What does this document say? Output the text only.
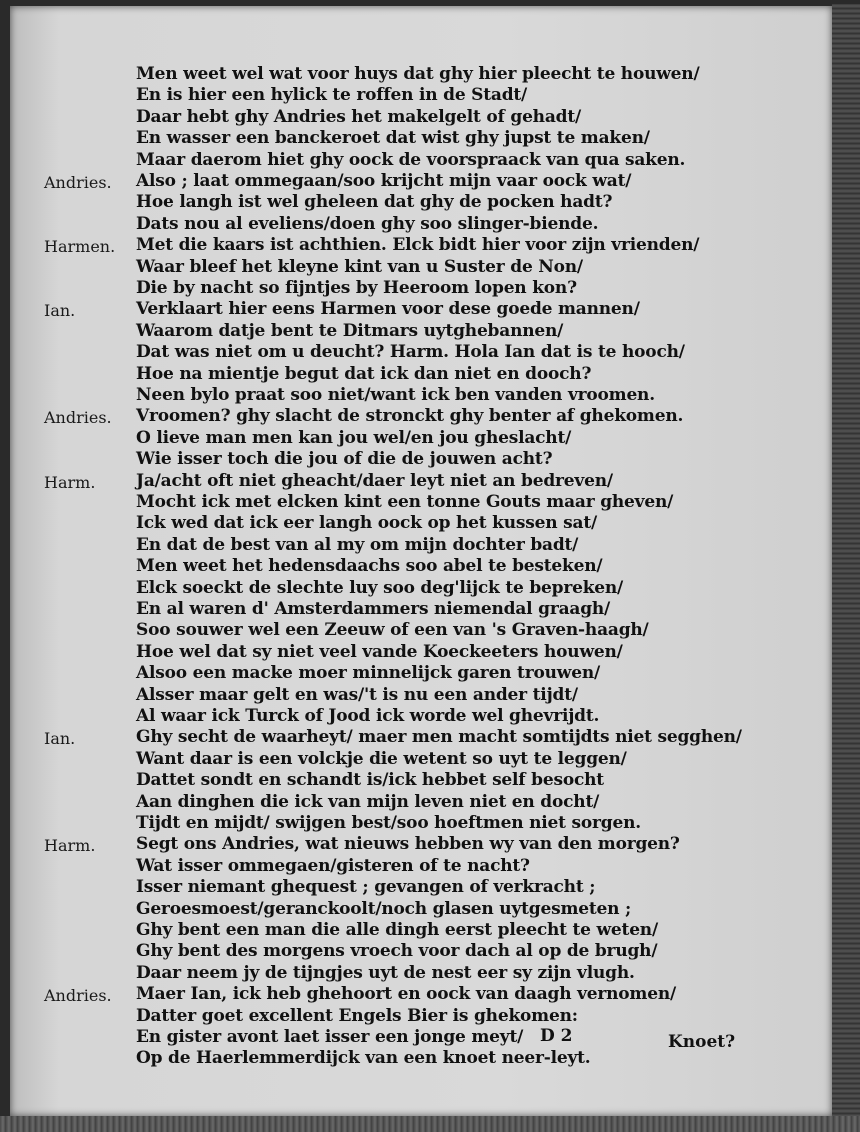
Men weet wel wat voor huys dat ghy hier pleecht te houwen/
En is hier een hylick te roffen in de Stadt/
Daar hebt ghy Andries het makelgelt of gehadt/
En wasser een banckeroet dat wist ghy jupst te maken/
Maar daerom hiet ghy oock de voorspraack van qua saken.
Andries. Also ; laat ommegaan/soo krijcht mijn vaar oock wat/
Hoe langh ist wel gheleen dat ghy de pocken hadt?
Dats nou al eveliens/doen ghy soo slinger-biende.
Harmen. Met die kaars ist achthien. Elck bidt hier voor zijn vrienden/
Waar bleef het kleyne kint van u Suster de Non/
Die by nacht so fijntjes by Heeroom lopen kon?
Ian.	Verklaart hier eens Harmen voor dese goede mannen/
Waarom datje bent te Ditmars uytghebannen/
Dat was niet om u deucht? Harm. Hola Ian dat is te hooch/
Hoe na mientje begut dat ick dan niet en dooch?
Neen bylo praat soo niet/want ick ben vanden vroomen.
Andries. Vroomen? ghy slacht de stronckt ghy benter af ghekomen.
O lieve man men kan jou wel/en jou gheslacht/
Wie isser toch die jou of die de jouwen acht?
Harm. Ja/acht oft niet gheacht/daer leyt niet an bedreven/
Mocht ick met elcken kint een tonne Gouts maar gheven/
Ick wed dat ick eer langh oock op het kussen sat/
En dat de best van al my om mijn dochter badt/
Men weet het hedensdaachs soo abel te besteken/
Elck soeckt de slechte luy soo deg'lijck te bepreken/
En al waren d' Amsterdammers niemendal graagh/
Soo souwer wel een Zeeuw of een van 's Graven-haagh/
Hoe wel dat sy niet veel vande Koeckeeters houwen/
Alsoo een macke moer minnelijck garen trouwen/
Alsser maar gelt en was/'t is nu een ander tijdt/
Al waar ick Turck of Jood ick worde wel ghevrijdt.
Ian.	Ghy secht de waarheyt/ maer men macht somtijdts niet segghen/
Want daar is een volckje die wetent so uyt te leggen/
Dattet sondt en schandt is/ick hebbet self besocht
Aan dinghen die ick van mijn leven niet en docht/
Tijdt en mijdt/ swijgen best/soo hoeftmen niet sorgen.
Harm. Segt ons Andries, wat nieuws hebben wy van den morgen?
Wat isser ommegaen/gisteren of te nacht?
Isser niemant ghequest ; gevangen of verkracht ;
Geroesmoest/geranckoolt/noch glasen uytgesmeten ;
Ghy bent een man die alle dingh eerst pleecht te weten/
Ghy bent des morgens vroech voor dach al op de brugh/
Daar neem jy de tijngjes uyt de nest eer sy zijn vlugh.
Andries. Maer Ian, ick heb ghehoort en oock van daagh vernomen/
Datter goet excellent Engels Bier is ghekomen:
En gister avont laet isser een jonge meyt/
Op de Haerlemmerdijck van een knoet neer-leyt.
D 2	Knoet?
